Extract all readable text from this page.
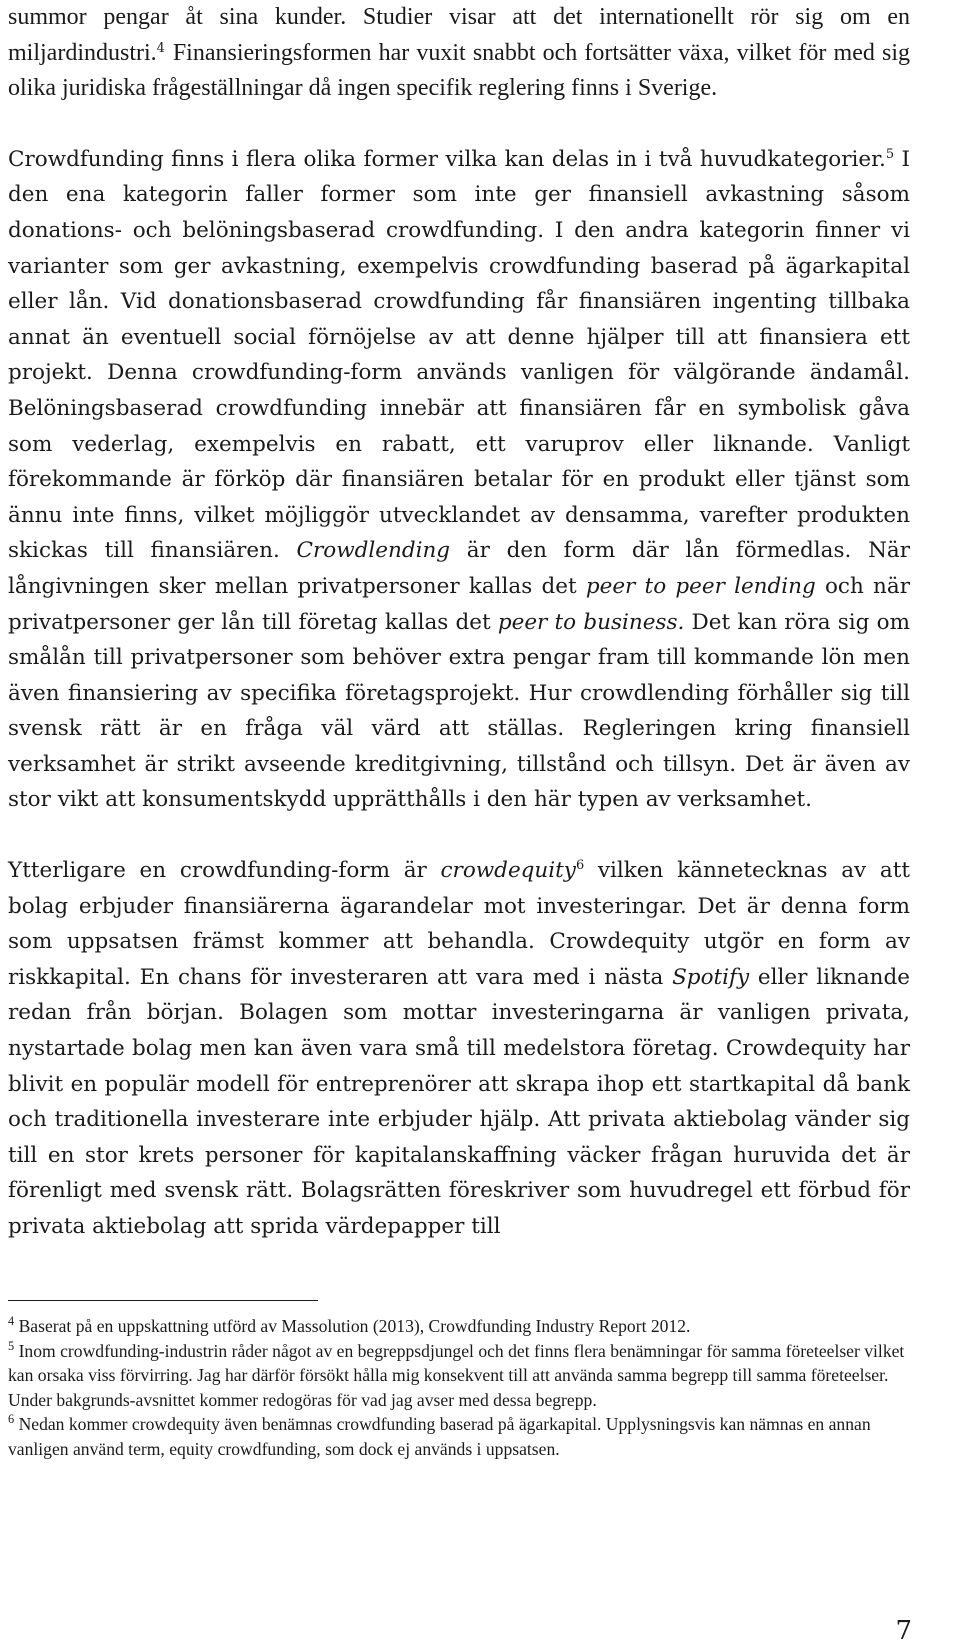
summor pengar åt sina kunder. Studier visar att det internationellt rör sig om en miljardindustri.$^4$ Finansieringsformen har vuxit snabbt och fortsätter växa, vilket för med sig olika juridiska frågeställningar då ingen specifik reglering finns i Sverige.

Crowdfunding finns i flera olika former vilka kan delas in i två huvudkategorier.$^5$ I den ena kategorin faller former som inte ger finansiell avkastning såsom donations- och belöningsbaserad crowdfunding. I den andra kategorin finner vi varianter som ger avkastning, exempelvis crowdfunding baserad på ägarkapital eller lån. Vid donationsbaserad crowdfunding får finansiären ingenting tillbaka annat än eventuell social förnöjelse av att denne hjälper till att finansiera ett projekt. Denna crowdfunding-form används vanligen för välgörande ändamål. Belöningsbaserad crowdfunding innebär att finansiären får en symbolisk gåva som vederlag, exempelvis en rabatt, ett varuprov eller liknande. Vanligt förekommande är förköp där finansiären betalar för en produkt eller tjänst som ännu inte finns, vilket möjliggör utvecklandet av densamma, varefter produkten skickas till finansiären. Crowdlending är den form där lån förmedlas. När långivningen sker mellan privatpersoner kallas det peer to peer lending och när privatpersoner ger lån till företag kallas det peer to business. Det kan röra sig om smålån till privatpersoner som behöver extra pengar fram till kommande lön men även finansiering av specifika företagsprojekt. Hur crowdlending förhåller sig till svensk rätt är en fråga väl värd att ställas. Regleringen kring finansiell verksamhet är strikt avseende kreditgivning, tillstånd och tillsyn. Det är även av stor vikt att konsumentskydd upprätthålls i den här typen av verksamhet.

Ytterligare en crowdfunding-form är crowdequity$^6$ vilken kännetecknas av att bolag erbjuder finansiärerna ägarandelar mot investeringar. Det är denna form som uppsatsen främst kommer att behandla. Crowdequity utgör en form av riskkapital. En chans för investeraren att vara med i nästa Spotify eller liknande redan från början. Bolagen som mottar investeringarna är vanligen privata, nystartade bolag men kan även vara små till medelstora företag. Crowdequity har blivit en populär modell för entreprenörer att skrapa ihop ett startkapital då bank och traditionella investerare inte erbjuder hjälp. Att privata aktiebolag vänder sig till en stor krets personer för kapitalanskaffning väcker frågan huruvida det är förenligt med svensk rätt. Bolagsrätten föreskriver som huvudregel ett förbud för privata aktiebolag att sprida värdepapper till

$^4$ Baserat på en uppskattning utförd av Massolution (2013), Crowdfunding Industry Report 2012.

$^5$ Inom crowdfunding-industrin råder något av en begreppsdjungel och det finns flera benämningar för samma företeelser vilket kan orsaka viss förvirring. Jag har därför försökt hålla mig konsekvent till att använda samma begrepp till samma företeelser. Under bakgrunds-avsnittet kommer redogöras för vad jag avser med dessa begrepp.

$^6$ Nedan kommer crowdequity även benämnas crowdfunding baserad på ägarkapital. Upplysningsvis kan nämnas en annan vanligen använd term, equity crowdfunding, som dock ej används i uppsatsen.

7
